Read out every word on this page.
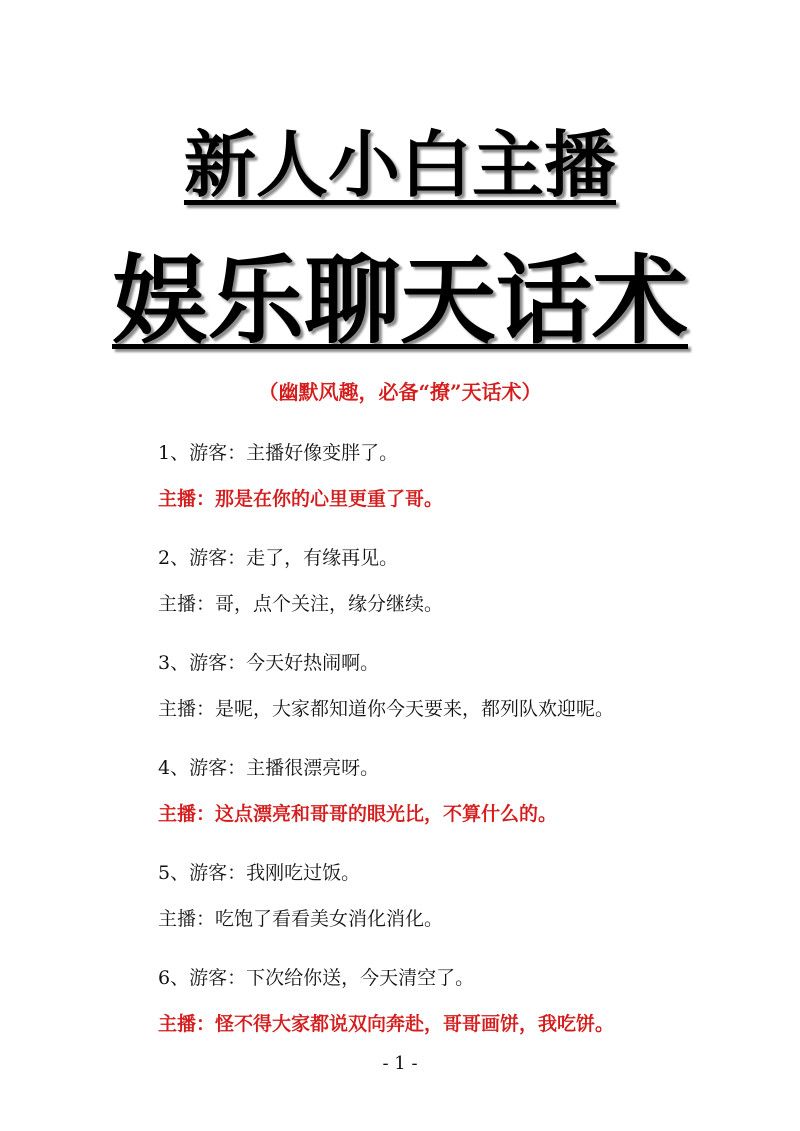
新人小白主播
娱乐聊天话术
（幽默风趣，必备“撩”天话术）
1、游客：主播好像变胖了。
主播：那是在你的心里更重了哥。
2、游客：走了，有缘再见。
主播：哥，点个关注，缘分继续。
3、游客：今天好热闹啊。
主播：是呢，大家都知道你今天要来，都列队欢迎呢。
4、游客：主播很漂亮呀。
主播：这点漂亮和哥哥的眼光比，不算什么的。
5、游客：我刚吃过饭。
主播：吃饱了看看美女消化消化。
6、游客：下次给你送，今天清空了。
主播：怪不得大家都说双向奔赴，哥哥画饼，我吃饼。
- 1 -
